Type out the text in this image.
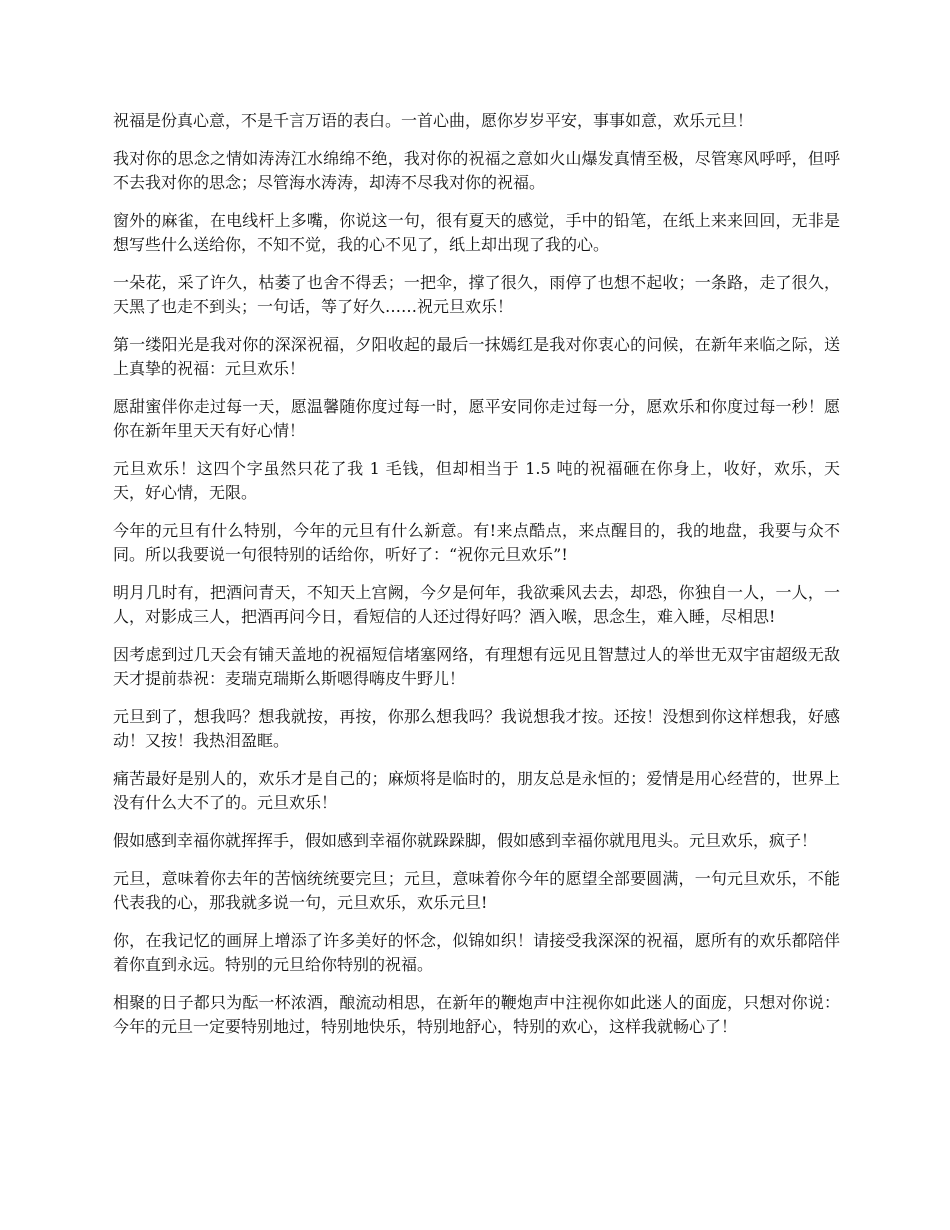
祝福是份真心意，不是千言万语的表白。一首心曲，愿你岁岁平安，事事如意，欢乐元旦！

我对你的思念之情如涛涛江水绵绵不绝，我对你的祝福之意如火山爆发真情至极，尽管寒风呼呼，但呼不去我对你的思念；尽管海水涛涛，却涛不尽我对你的祝福。

窗外的麻雀，在电线杆上多嘴，你说这一句，很有夏天的感觉，手中的铅笔，在纸上来来回回，无非是想写些什么送给你，不知不觉，我的心不见了，纸上却出现了我的心。

一朵花，采了许久，枯萎了也舍不得丢；一把伞，撑了很久，雨停了也想不起收；一条路，走了很久，天黑了也走不到头；一句话，等了好久……祝元旦欢乐！

第一缕阳光是我对你的深深祝福，夕阳收起的最后一抹嫣红是我对你衷心的问候，在新年来临之际，送上真挚的祝福：元旦欢乐！

愿甜蜜伴你走过每一天，愿温馨随你度过每一时，愿平安同你走过每一分，愿欢乐和你度过每一秒！愿你在新年里天天有好心情！

元旦欢乐！这四个字虽然只花了我 1 毛钱，但却相当于 1.5 吨的祝福砸在你身上，收好，欢乐，天天，好心情，无限。

今年的元旦有什么特别，今年的元旦有什么新意。有!来点酷点，来点醒目的，我的地盘，我要与众不同。所以我要说一句很特别的话给你，听好了：“祝你元旦欢乐”!

明月几时有，把酒问青天，不知天上宫阙，今夕是何年，我欲乘风去去，却恐，你独自一人，一人，一人，对影成三人，把酒再问今日，看短信的人还过得好吗？酒入喉，思念生，难入睡，尽相思!

因考虑到过几天会有铺天盖地的祝福短信堵塞网络，有理想有远见且智慧过人的举世无双宇宙超级无敌天才提前恭祝：麦瑞克瑞斯么斯嗯得嗨皮牛野儿！

元旦到了，想我吗？想我就按，再按，你那么想我吗？我说想我才按。还按！没想到你这样想我，好感动！又按！我热泪盈眶。

痛苦最好是别人的，欢乐才是自己的；麻烦将是临时的，朋友总是永恒的；爱情是用心经营的，世界上没有什么大不了的。元旦欢乐！

假如感到幸福你就挥挥手，假如感到幸福你就跺跺脚，假如感到幸福你就甩甩头。元旦欢乐，疯子！

元旦，意味着你去年的苦恼统统要完旦；元旦，意味着你今年的愿望全部要圆满，一句元旦欢乐，不能代表我的心，那我就多说一句，元旦欢乐，欢乐元旦!

你，在我记忆的画屏上增添了许多美好的怀念，似锦如织！请接受我深深的祝福，愿所有的欢乐都陪伴着你直到永远。特别的元旦给你特别的祝福。

相聚的日子都只为酝一杯浓酒，酿流动相思，在新年的鞭炮声中注视你如此迷人的面庞，只想对你说：今年的元旦一定要特别地过，特别地快乐，特别地舒心，特别的欢心，这样我就畅心了！
